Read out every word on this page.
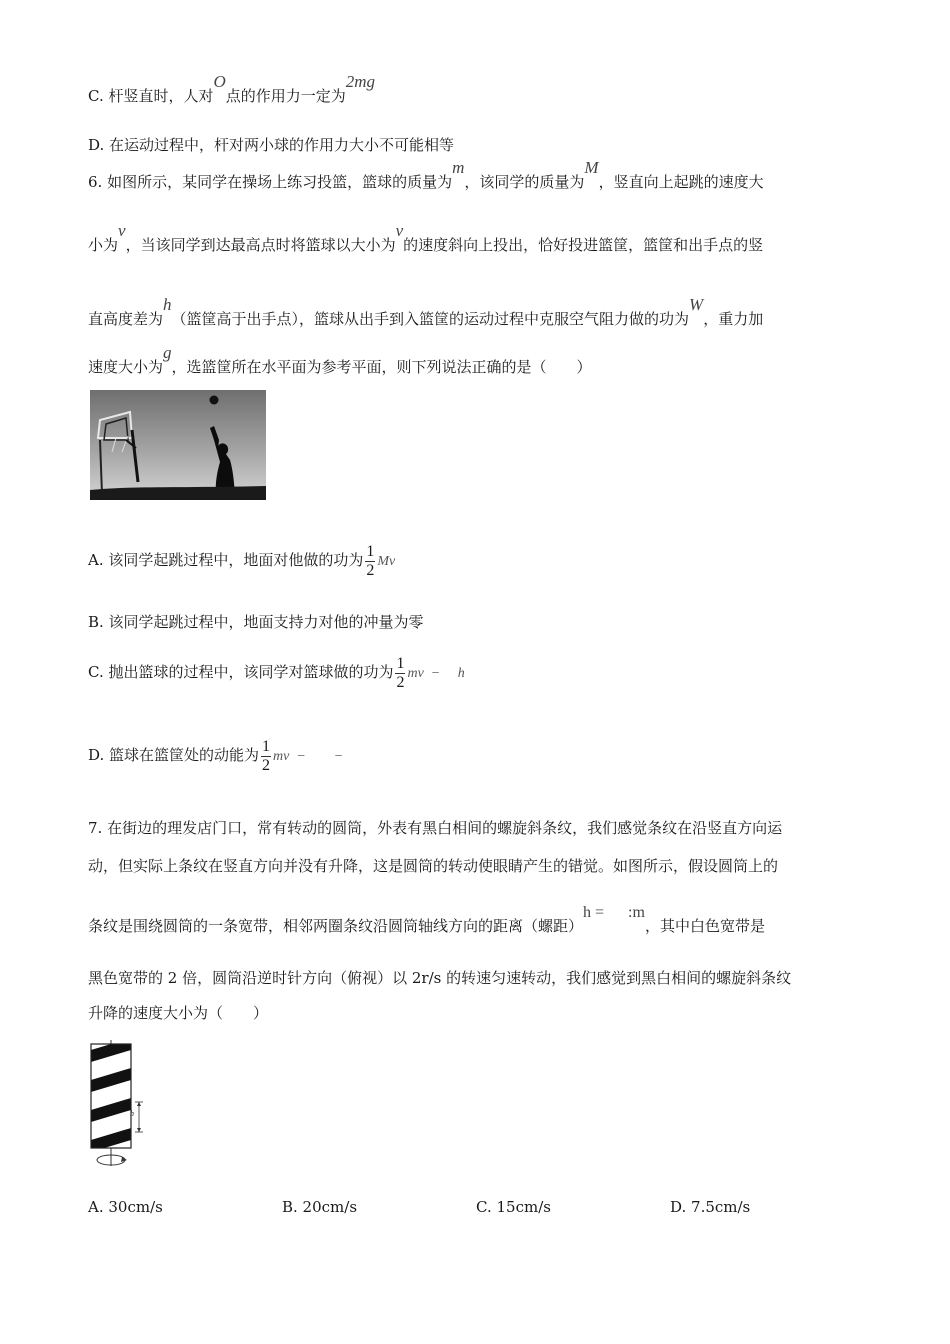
C. 杆竖直时，人对O点的作用力一定为2mg
D. 在运动过程中，杆对两小球的作用力大小不可能相等
6. 如图所示，某同学在操场上练习投篮，篮球的质量为m，该同学的质量为M，竖直向上起跳的速度大
小为v，当该同学到达最高点时将篮球以大小为v的速度斜向上投出，恰好投进篮筐，篮筐和出手点的竖
直高度差为h（篮筐高于出手点），篮球从出手到入篮筐的运动过程中克服空气阻力做的功为W，重力加
速度大小为g，选篮筐所在水平面为参考平面，则下列说法正确的是（　　）
A. 该同学起跳过程中，地面对他做的功为 $\frac{1}{2}$ Mv
B. 该同学起跳过程中，地面支持力对他的冲量为零
C. 抛出篮球的过程中，该同学对篮球做的功为 $\frac{1}{2}$ mv  −     h
D. 篮球在篮筐处的动能为 $\frac{1}{2}$ mv  −        −
7. 在街边的理发店门口，常有转动的圆筒，外表有黑白相间的螺旋斜条纹，我们感觉条纹在沿竖直方向运
动，但实际上条纹在竖直方向并没有升降，这是圆筒的转动使眼睛产生的错觉。如图所示，假设圆筒上的
条纹是围绕圆筒的一条宽带，相邻两圈条纹沿圆筒轴线方向的距离（螺距）h =      :m，其中白色宽带是
黑色宽带的 2 倍，圆筒沿逆时针方向（俯视）以 2r/s 的转速匀速转动，我们感觉到黑白相间的螺旋斜条纹
升降的速度大小为（　　）
h
A. 30cm/s	B. 20cm/s	C. 15cm/s	D. 7.5cm/s
